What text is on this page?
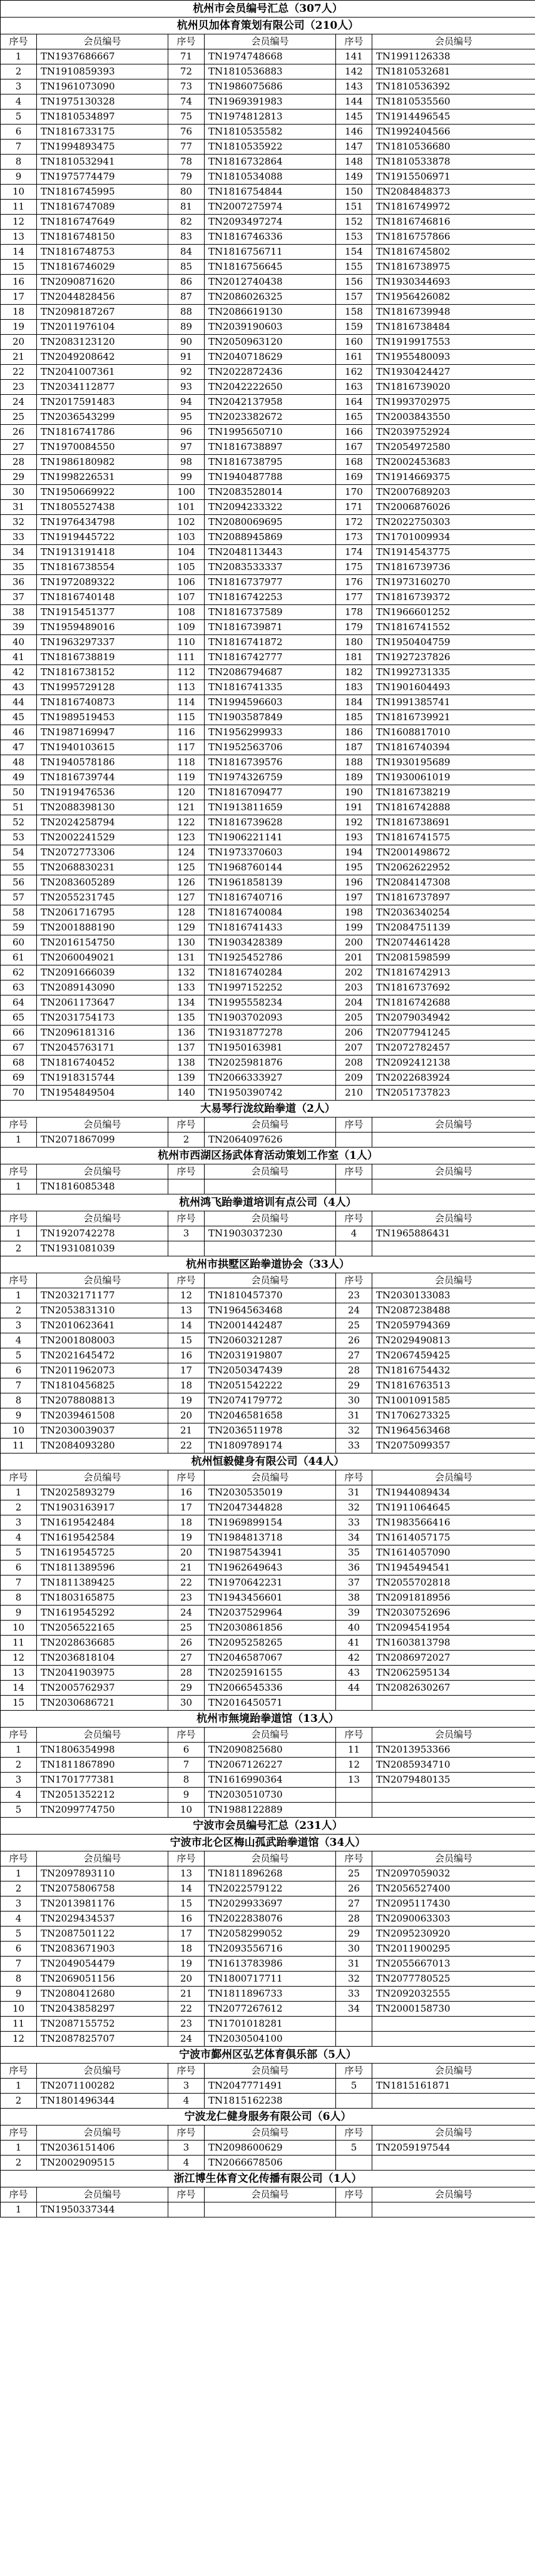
杭州市会员编号汇总（307人）					
杭州贝加体育策划有限公司（210人）					
序号	会员编号	序号	会员编号	序号	会员编号
1	TN1937686667	71	TN1974748668	141	TN1991126338
2	TN1910859393	72	TN1810536883	142	TN1810532681
3	TN1961073090	73	TN1986075686	143	TN1810536392
4	TN1975130328	74	TN1969391983	144	TN1810535560
5	TN1810534897	75	TN1974812813	145	TN1914496545
6	TN1816733175	76	TN1810535582	146	TN1992404566
7	TN1994893475	77	TN1810535922	147	TN1810536680
8	TN1810532941	78	TN1816732864	148	TN1810533878
9	TN1975774479	79	TN1810534088	149	TN1915506971
10	TN1816745995	80	TN1816754844	150	TN2084848373
11	TN1816747089	81	TN2007275974	151	TN1816749972
12	TN1816747649	82	TN2093497274	152	TN1816746816
13	TN1816748150	83	TN1816746336	153	TN1816757866
14	TN1816748753	84	TN1816756711	154	TN1816745802
15	TN1816746029	85	TN1816756645	155	TN1816738975
16	TN2090871620	86	TN2012740438	156	TN1930344693
17	TN2044828456	87	TN2086026325	157	TN1956426082
18	TN2098187267	88	TN2086619130	158	TN1816739948
19	TN2011976104	89	TN2039190603	159	TN1816738484
20	TN2083123120	90	TN2050963120	160	TN1919917553
21	TN2049208642	91	TN2040718629	161	TN1955480093
22	TN2041007361	92	TN2022872436	162	TN1930424427
23	TN2034112877	93	TN2042222650	163	TN1816739020
24	TN2017591483	94	TN2042137958	164	TN1993702975
25	TN2036543299	95	TN2023382672	165	TN2003843550
26	TN1816741786	96	TN1995650710	166	TN2039752924
27	TN1970084550	97	TN1816738897	167	TN2054972580
28	TN1986180982	98	TN1816738795	168	TN2002453683
29	TN1998226531	99	TN1940487788	169	TN1914669375
30	TN1950669922	100	TN2083528014	170	TN2007689203
31	TN1805527438	101	TN2094233322	171	TN2006876026
32	TN1976434798	102	TN2080069695	172	TN2022750303
33	TN1919445722	103	TN2088945869	173	TN1701009934
34	TN1913191418	104	TN2048113443	174	TN1914543775
35	TN1816738554	105	TN2083533337	175	TN1816739736
36	TN1972089322	106	TN1816737977	176	TN1973160270
37	TN1816740148	107	TN1816742253	177	TN1816739372
38	TN1915451377	108	TN1816737589	178	TN1966601252
39	TN1959489016	109	TN1816739871	179	TN1816741552
40	TN1963297337	110	TN1816741872	180	TN1950404759
41	TN1816738819	111	TN1816742777	181	TN1927237826
42	TN1816738152	112	TN2086794687	182	TN1992731335
43	TN1995729128	113	TN1816741335	183	TN1901604493
44	TN1816740873	114	TN1994596603	184	TN1991385741
45	TN1989519453	115	TN1903587849	185	TN1816739921
46	TN1987169947	116	TN1956299933	186	TN1608817010
47	TN1940103615	117	TN1952563706	187	TN1816740394
48	TN1940578186	118	TN1816739576	188	TN1930195689
49	TN1816739744	119	TN1974326759	189	TN1930061019
50	TN1919476536	120	TN1816709477	190	TN1816738219
51	TN2088398130	121	TN1913811659	191	TN1816742888
52	TN2024258794	122	TN1816739628	192	TN1816738691
53	TN2002241529	123	TN1906221141	193	TN1816741575
54	TN2072773306	124	TN1973370603	194	TN2001498672
55	TN2068830231	125	TN1968760144	195	TN2062622952
56	TN2083605289	126	TN1961858139	196	TN2084147308
57	TN2055231745	127	TN1816740716	197	TN1816737897
58	TN2061716795	128	TN1816740084	198	TN2036340254
59	TN2001888190	129	TN1816741433	199	TN2084751139
60	TN2016154750	130	TN1903428389	200	TN2074461428
61	TN2060049021	131	TN1925452786	201	TN2081598599
62	TN2091666039	132	TN1816740284	202	TN1816742913
63	TN2089143090	133	TN1997152252	203	TN1816737692
64	TN2061173647	134	TN1995558234	204	TN1816742688
65	TN2031754173	135	TN1903702093	205	TN2079034942
66	TN2096181316	136	TN1931877278	206	TN2077941245
67	TN2045763171	137	TN1950163981	207	TN2072782457
68	TN1816740452	138	TN2025981876	208	TN2092412138
69	TN1918315744	139	TN2066333927	209	TN2022683924
70	TN1954849504	140	TN1950390742	210	TN2051737823
大易琴行泷纹跆拳道（2人）					
序号	会员编号	序号	会员编号	序号	会员编号
1	TN2071867099	2	TN2064097626		
杭州市西湖区扬武体育活动策划工作室（1人）					
序号	会员编号	序号	会员编号	序号	会员编号
1	TN1816085348				
杭州鸿飞跆拳道培训有点公司（4人）					
序号	会员编号	序号	会员编号	序号	会员编号
1	TN1920742278	3	TN1903037230	4	TN1965886431
2	TN1931081039				
杭州市拱墅区跆拳道协会（33人）					
序号	会员编号	序号	会员编号	序号	会员编号
1	TN2032171177	12	TN1810457370	23	TN2030133083
2	TN2053831310	13	TN1964563468	24	TN2087238488
3	TN2010623641	14	TN2001442487	25	TN2059794369
4	TN2001808003	15	TN2060321287	26	TN2029490813
5	TN2021645472	16	TN2031919807	27	TN2067459425
6	TN2011962073	17	TN2050347439	28	TN1816754432
7	TN1810456825	18	TN2051542222	29	TN1816763513
8	TN2078808813	19	TN2074179772	30	TN1001091585
9	TN2039461508	20	TN2046581658	31	TN1706273325
10	TN2030039037	21	TN2036511978	32	TN1964563468
11	TN2084093280	22	TN1809789174	33	TN2075099357
杭州恒毅健身有限公司（44人）					
序号	会员编号	序号	会员编号	序号	会员编号
1	TN2025893279	16	TN2030535019	31	TN1944089434
2	TN1903163917	17	TN2047344828	32	TN1911064645
3	TN1619542484	18	TN1969899154	33	TN1983566416
4	TN1619542584	19	TN1984813718	34	TN1614057175
5	TN1619545725	20	TN1987543941	35	TN1614057090
6	TN1811389596	21	TN1962649643	36	TN1945494541
7	TN1811389425	22	TN1970642231	37	TN2055702818
8	TN1803165875	23	TN1943456601	38	TN2091818956
9	TN1619545292	24	TN2037529964	39	TN2030752696
10	TN2056522165	25	TN2030861856	40	TN2094541954
11	TN2028636685	26	TN2095258265	41	TN1603813798
12	TN2036818104	27	TN2046587067	42	TN2086972027
13	TN2041903975	28	TN2025916155	43	TN2062595134
14	TN2005762937	29	TN2066545336	44	TN2082630267
15	TN2030686721	30	TN2016450571		
杭州市無境跆拳道馆（13人）					
序号	会员编号	序号	会员编号	序号	会员编号
1	TN1806354998	6	TN2090825680	11	TN2013953366
2	TN1811867890	7	TN2067126227	12	TN2085934710
3	TN1701777381	8	TN1616990364	13	TN2079480135
4	TN2051352212	9	TN2030510730		
5	TN2099774750	10	TN1988122889		
宁波市会员编号汇总（231人）					
宁波市北仑区梅山孤武跆拳道馆（34人）					
序号	会员编号	序号	会员编号	序号	会员编号
1	TN2097893110	13	TN1811896268	25	TN2097059032
2	TN2075806758	14	TN2022579122	26	TN2056527400
3	TN2013981176	15	TN2029933697	27	TN2095117430
4	TN2029434537	16	TN2022838076	28	TN2090063303
5	TN2087501122	17	TN2058299052	29	TN2095230920
6	TN2083671903	18	TN2093556716	30	TN2011900295
7	TN2049054479	19	TN1613783986	31	TN2055667013
8	TN2069051156	20	TN1800717711	32	TN2077780525
9	TN2080412680	21	TN1811896733	33	TN2092032555
10	TN2043858297	22	TN2077267612	34	TN2000158730
11	TN2087155752	23	TN1701018281		
12	TN2087825707	24	TN2030504100		
宁波市鄞州区弘艺体育俱乐部（5人）					
序号	会员编号	序号	会员编号	序号	会员编号
1	TN2071100282	3	TN2047771491	5	TN1815161871
2	TN1801496344	4	TN1815162238		
宁波龙仁健身服务有限公司（6人）					
序号	会员编号	序号	会员编号	序号	会员编号
1	TN2036151406	3	TN2098600629	5	TN2059197544
2	TN2002909515	4	TN2066678506		
浙江博生体育文化传播有限公司（1人）					
序号	会员编号	序号	会员编号	序号	会员编号
1	TN1950337344				
